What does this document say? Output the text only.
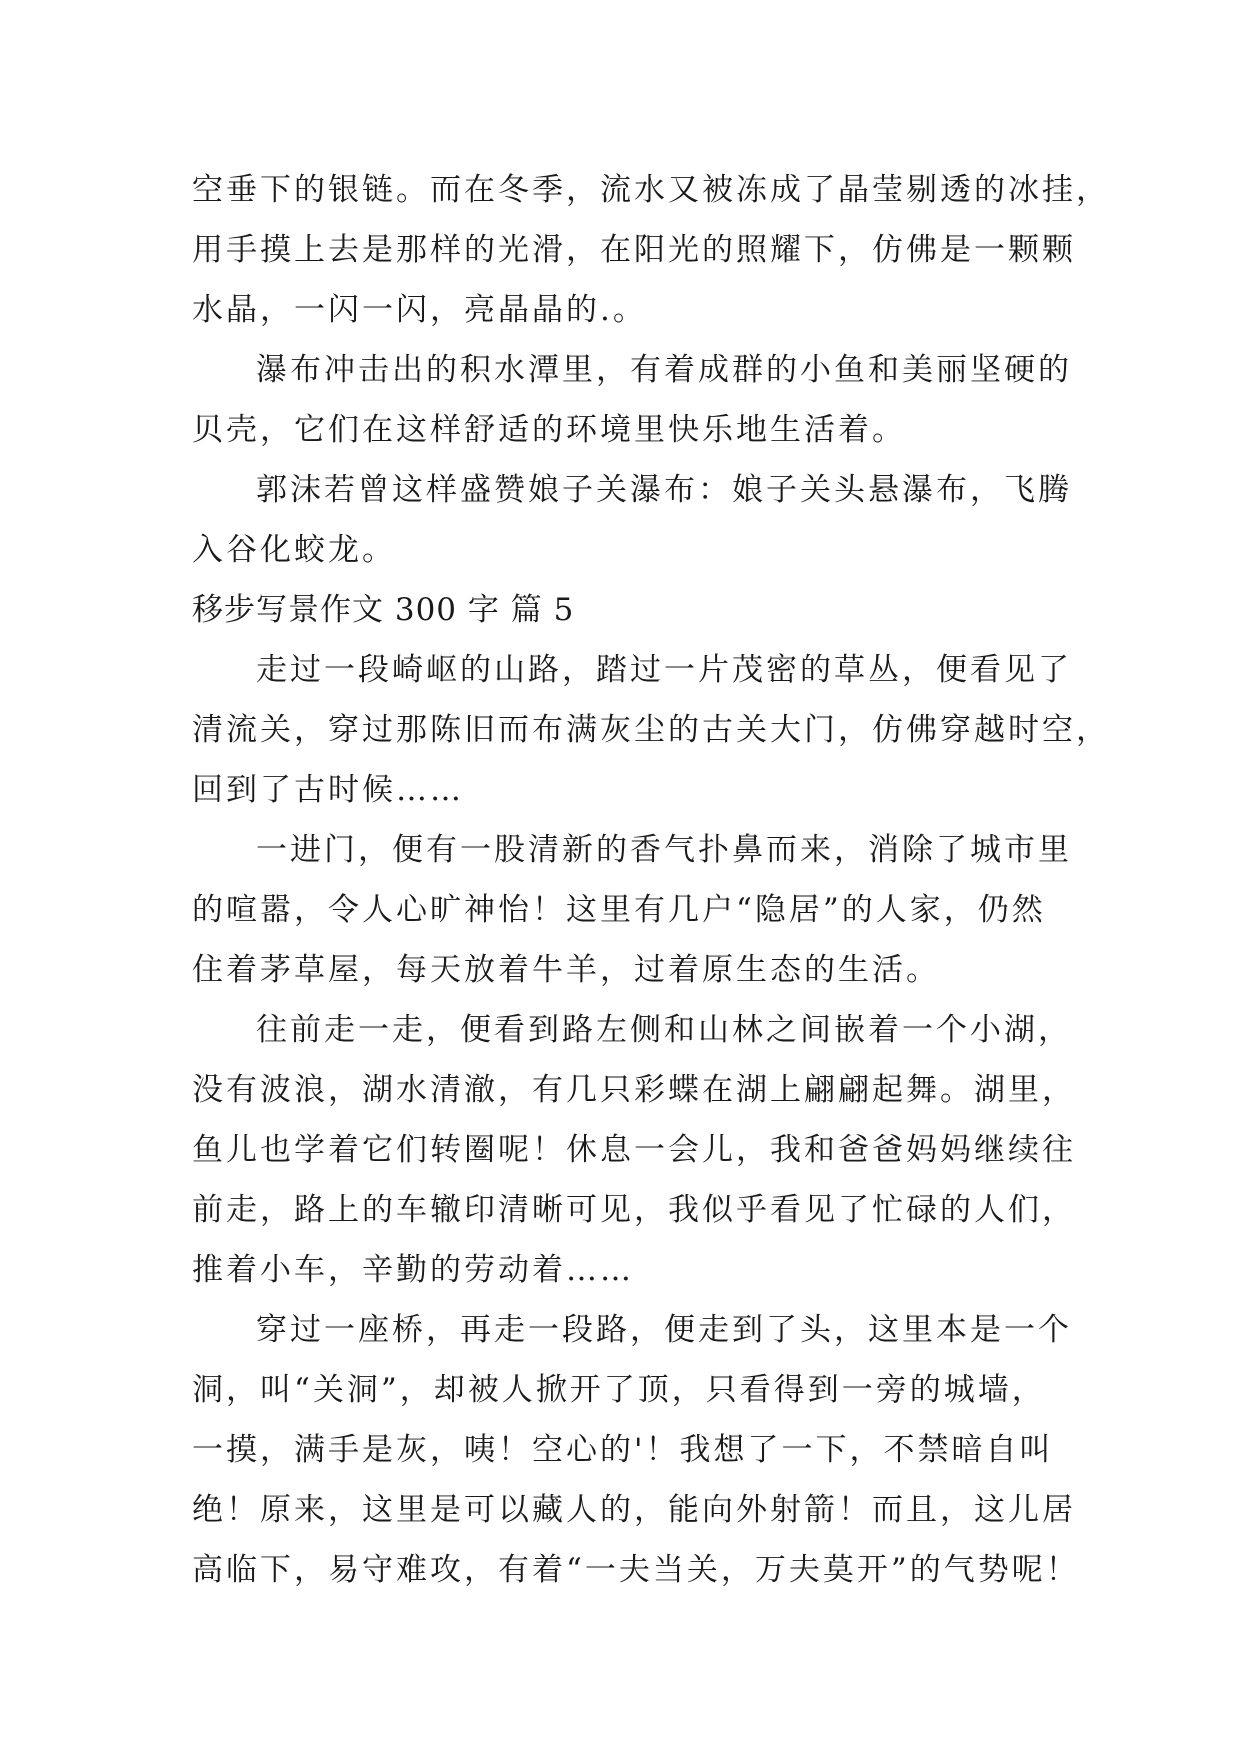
空垂下的银链。而在冬季，流水又被冻成了晶莹剔透的冰挂，
用手摸上去是那样的光滑，在阳光的照耀下，仿佛是一颗颗
水晶，一闪一闪，亮晶晶的.。
瀑布冲击出的积水潭里，有着成群的小鱼和美丽坚硬的
贝壳，它们在这样舒适的环境里快乐地生活着。
郭沫若曾这样盛赞娘子关瀑布：娘子关头悬瀑布，飞腾
入谷化蛟龙。
移步写景作文 300 字 篇 5
走过一段崎岖的山路，踏过一片茂密的草丛，便看见了
清流关，穿过那陈旧而布满灰尘的古关大门，仿佛穿越时空，
回到了古时候……
一进门，便有一股清新的香气扑鼻而来，消除了城市里
的喧嚣，令人心旷神怡！这里有几户“隐居”的人家，仍然
住着茅草屋，每天放着牛羊，过着原生态的生活。
往前走一走，便看到路左侧和山林之间嵌着一个小湖，
没有波浪，湖水清澈，有几只彩蝶在湖上翩翩起舞。湖里，
鱼儿也学着它们转圈呢！休息一会儿，我和爸爸妈妈继续往
前走，路上的车辙印清晰可见，我似乎看见了忙碌的人们，
推着小车，辛勤的劳动着……
穿过一座桥，再走一段路，便走到了头，这里本是一个
洞，叫“关洞”，却被人掀开了顶，只看得到一旁的城墙，
一摸，满手是灰，咦！空心的'！我想了一下，不禁暗自叫
绝！原来，这里是可以藏人的，能向外射箭！而且，这儿居
高临下，易守难攻，有着“一夫当关，万夫莫开”的气势呢！
